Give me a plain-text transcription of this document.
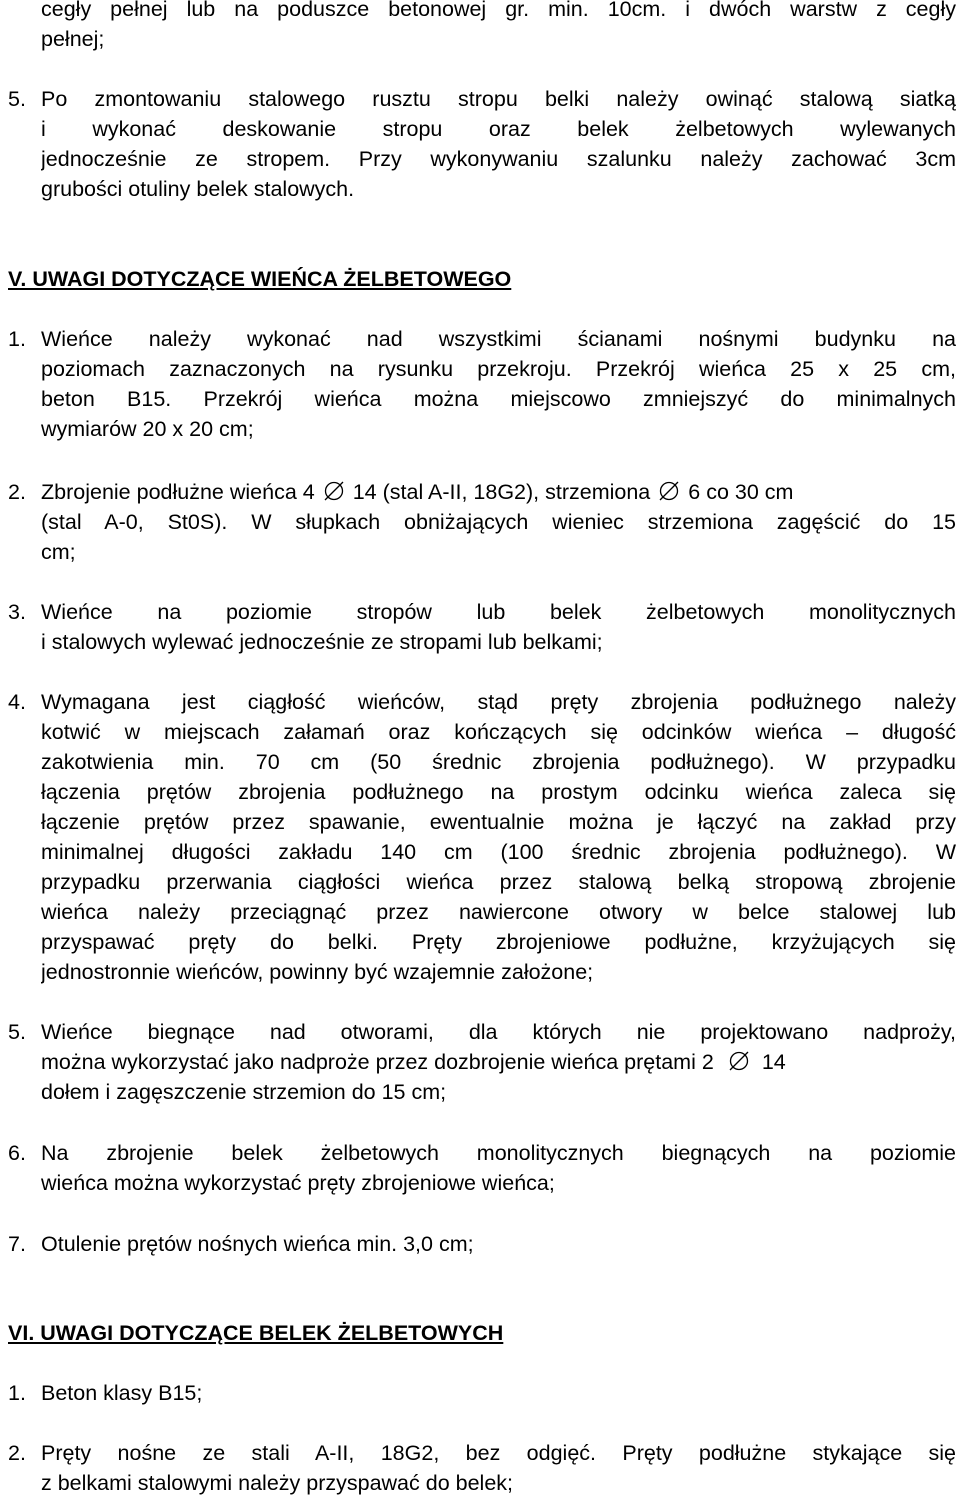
cegły pełnej lub na poduszce betonowej gr. min. 10cm. i dwóch warstw z cegły
pełnej;
5. Po zmontowaniu stalowego rusztu stropu belki należy owinąć stalową siatką
i wykonać deskowanie stropu oraz belek żelbetowych wylewanych
jednocześnie ze stropem. Przy wykonywaniu szalunku należy zachować 3cm
grubości otuliny belek stalowych.
V. UWAGI DOTYCZĄCE WIEŃCA ŻELBETOWEGO
1. Wieńce należy wykonać nad wszystkimi ścianami nośnymi budynku na
poziomach zaznaczonych na rysunku przekroju. Przekrój wieńca 25 x 25 cm,
beton B15. Przekrój wieńca można miejscowo zmniejszyć do minimalnych
wymiarów 20 x 20 cm;
2. Zbrojenie podłużne wieńca 4 14 (stal A-II, 18G2), strzemiona 6 co 30 cm
(stal A-0, St0S). W słupkach obniżających wieniec strzemiona zagęścić do 15
cm;
3. Wieńce na poziomie stropów lub belek żelbetowych monolitycznych
i stalowych wylewać jednocześnie ze stropami lub belkami;
4. Wymagana jest ciągłość wieńców, stąd pręty zbrojenia podłużnego należy
kotwić w miejscach załamań oraz kończących się odcinków wieńca – długość
zakotwienia min. 70 cm (50 średnic zbrojenia podłużnego). W przypadku
łączenia prętów zbrojenia podłużnego na prostym odcinku wieńca zaleca się
łączenie prętów przez spawanie, ewentualnie można je łączyć na zakład przy
minimalnej długości zakładu 140 cm (100 średnic zbrojenia podłużnego). W
przypadku przerwania ciągłości wieńca przez stalową belką stropową zbrojenie
wieńca należy przeciągnąć przez nawiercone otwory w belce stalowej lub
przyspawać pręty do belki. Pręty zbrojeniowe podłużne, krzyżujących się
jednostronnie wieńców, powinny być wzajemnie założone;
5. Wieńce biegnące nad otworami, dla których nie projektowano nadproży,
można wykorzystać jako nadproże przez dozbrojenie wieńca prętami 2 14
dołem i zagęszczenie strzemion do 15 cm;
6. Na zbrojenie belek żelbetowych monolitycznych biegnących na poziomie
wieńca można wykorzystać pręty zbrojeniowe wieńca;
7. Otulenie prętów nośnych wieńca min. 3,0 cm;
VI. UWAGI DOTYCZĄCE BELEK ŻELBETOWYCH
1. Beton klasy B15;
2. Pręty nośne ze stali A-II, 18G2, bez odgięć. Pręty podłużne stykające się
z belkami stalowymi należy przyspawać do belek;
